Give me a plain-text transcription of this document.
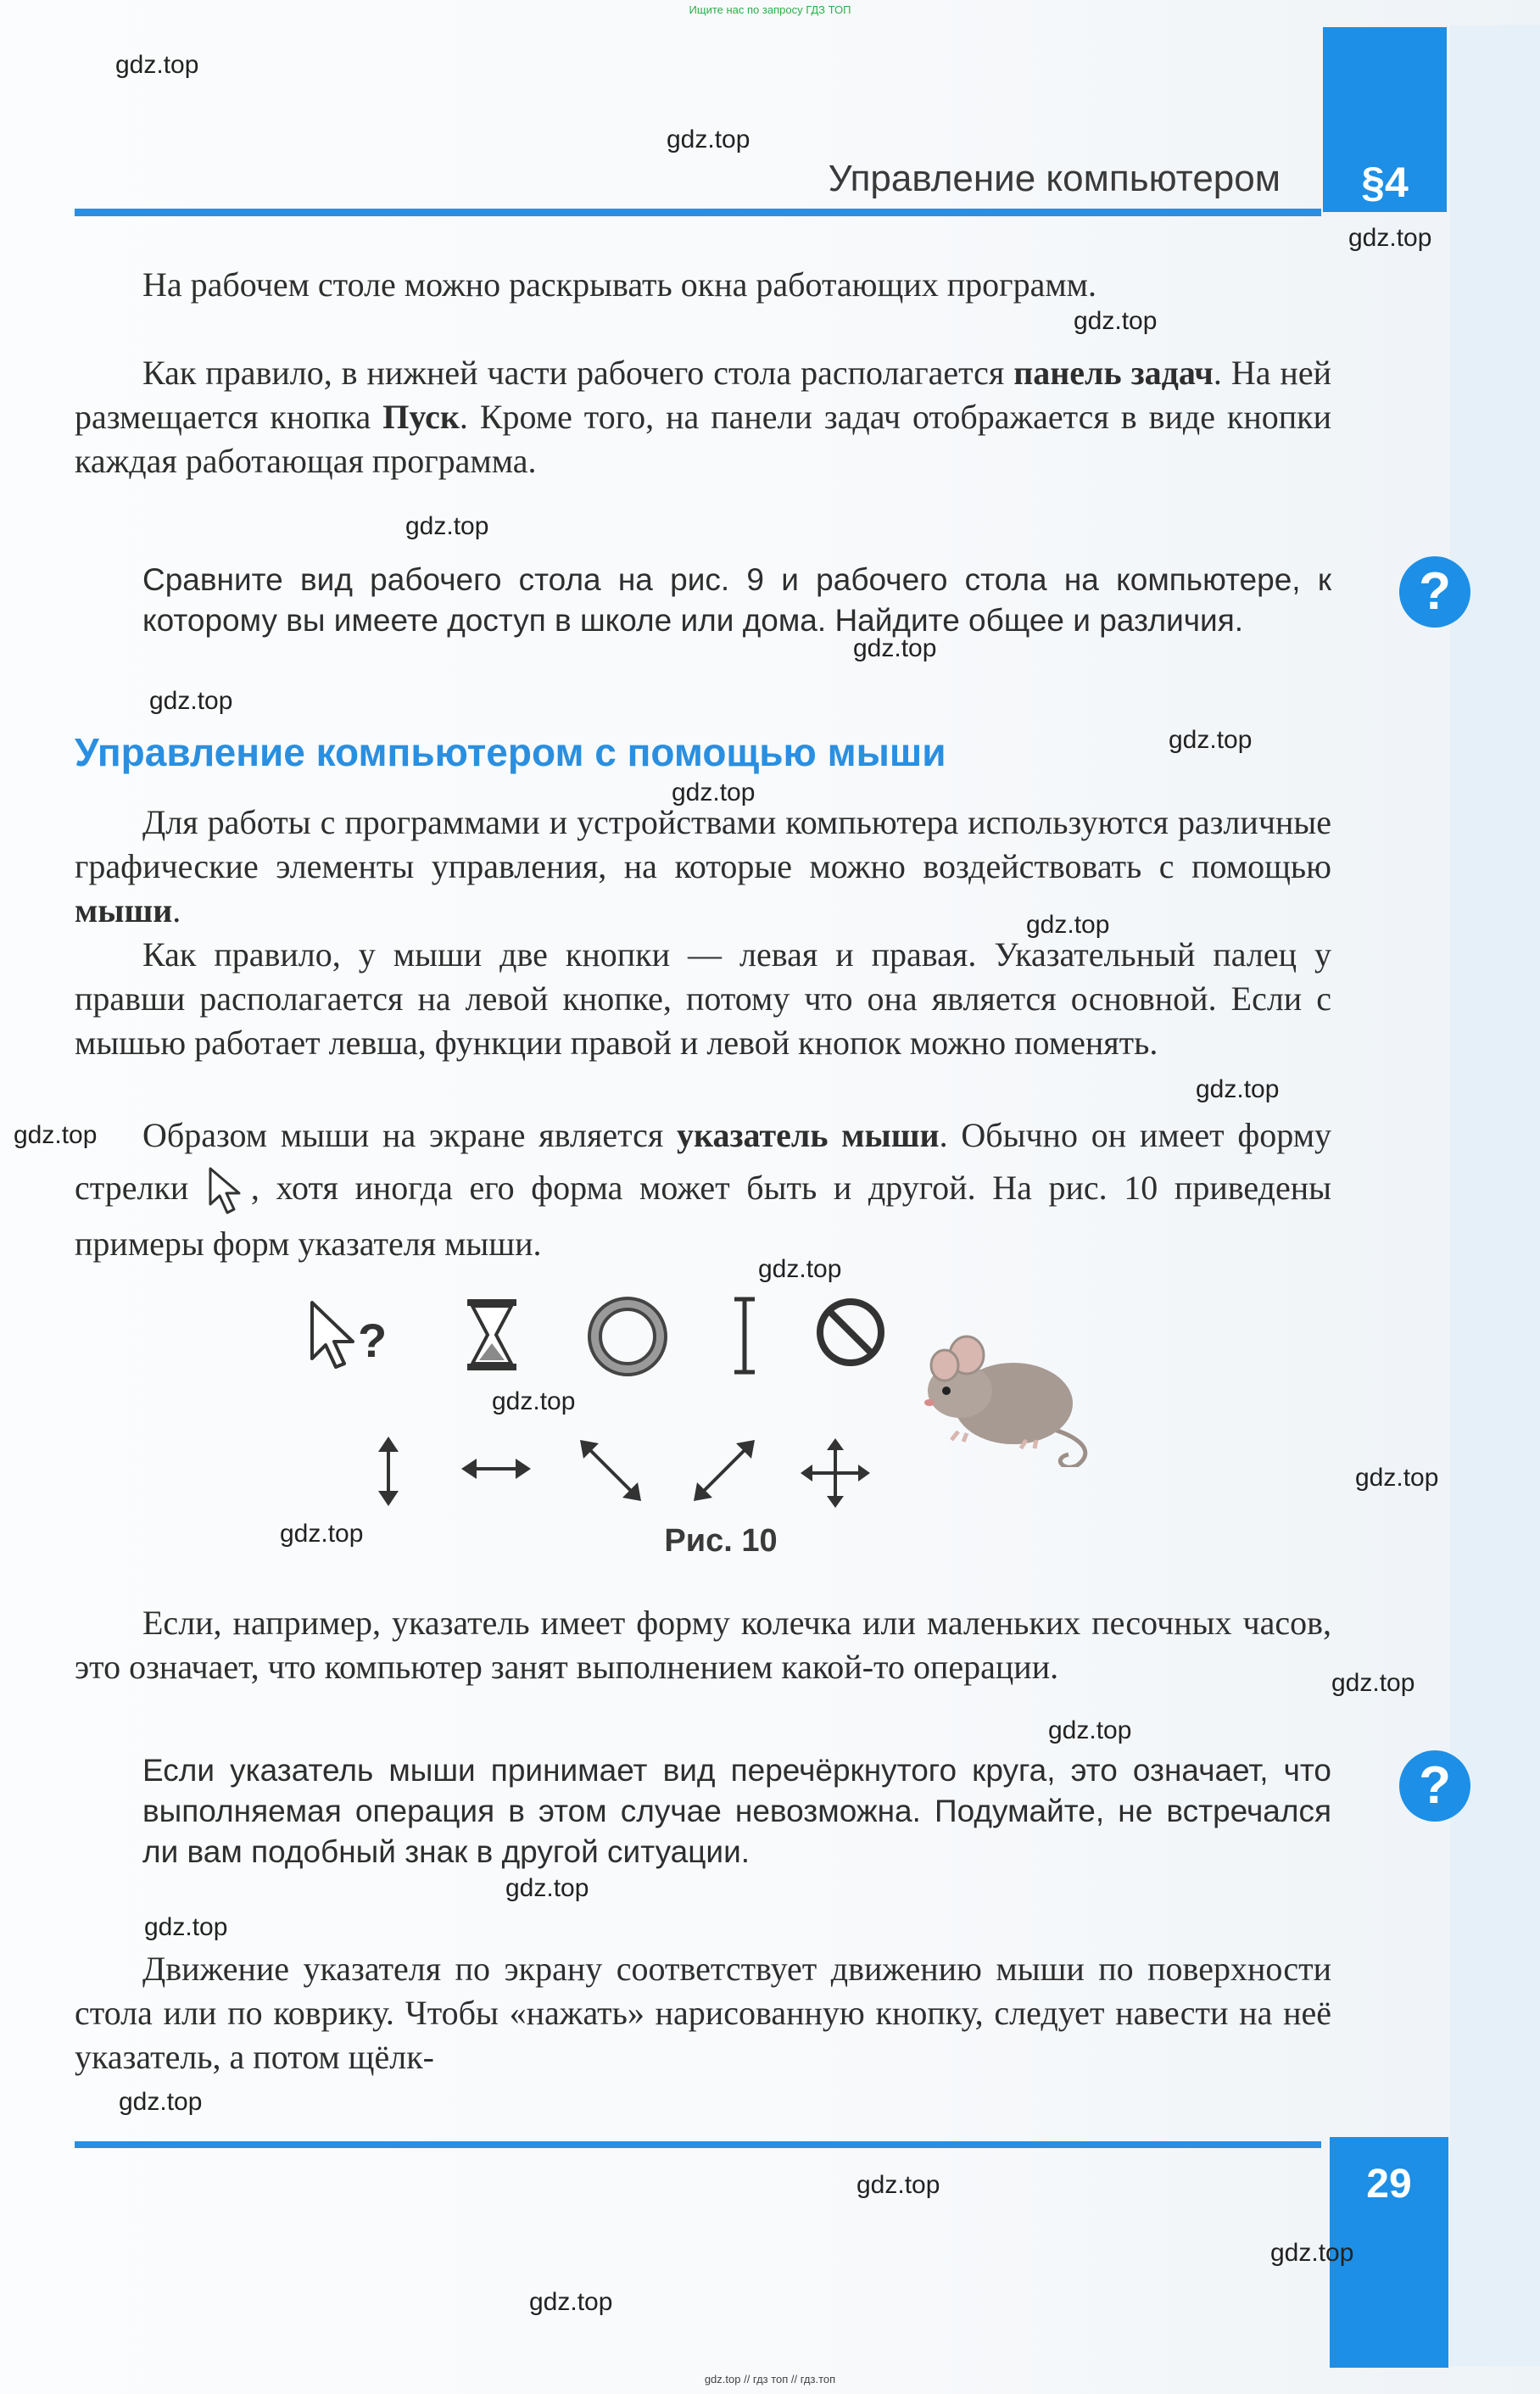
Ищите нас по запросу ГДЗ ТОП
§4
Управление компьютером

На рабочем столе можно раскрывать окна работающих программ.

Как правило, в нижней части рабочего стола располагается панель задач. На ней размещается кнопка Пуск. Кроме того, на панели задач отображается в виде кнопки каждая работающая программа.

Сравните вид рабочего стола на рис. 9 и рабочего стола на компьютере, к которому вы имеете доступ в школе или дома. Найдите общее и различия.	?
Управление компьютером с помощью мыши

Для работы с программами и устройствами компьютера используются различные графические элементы управления, на которые можно воздействовать с помощью мыши.

Как правило, у мыши две кнопки — левая и правая. Указательный палец у правши располагается на левой кнопке, потому что она является основной. Если с мышью работает левша, функции правой и левой кнопок можно поменять.

Образом мыши на экране является указатель мыши. Обычно он имеет форму стрелки , хотя иногда его форма может быть и другой. На рис. 10 приведены примеры форм указателя мыши.

?
Рис. 10

Если, например, указатель имеет форму колечка или маленьких песочных часов, это означает, что компьютер занят выполнением какой-то операции.

Если указатель мыши принимает вид перечёркнутого круга, это означает, что выполняемая операция в этом случае невозможна. Подумайте, не встречался ли вам подобный знак в другой ситуации.

?

Движение указателя по экрану соответствует движению мыши по поверхности стола или по коврику. Чтобы «нажать» нарисованную кнопку, следует навести на неё указатель, а потом щёлк-

29
gdz.top // гдз топ // гдз.топ
gdz.top
gdz.top
gdz.top
gdz.top
gdz.top
gdz.top
gdz.top
gdz.top
gdz.top
gdz.top
gdz.top
gdz.top
gdz.top
gdz.top
gdz.top
gdz.top
gdz.top
gdz.top
gdz.top
gdz.top
gdz.top
gdz.top
gdz.top
gdz.top
